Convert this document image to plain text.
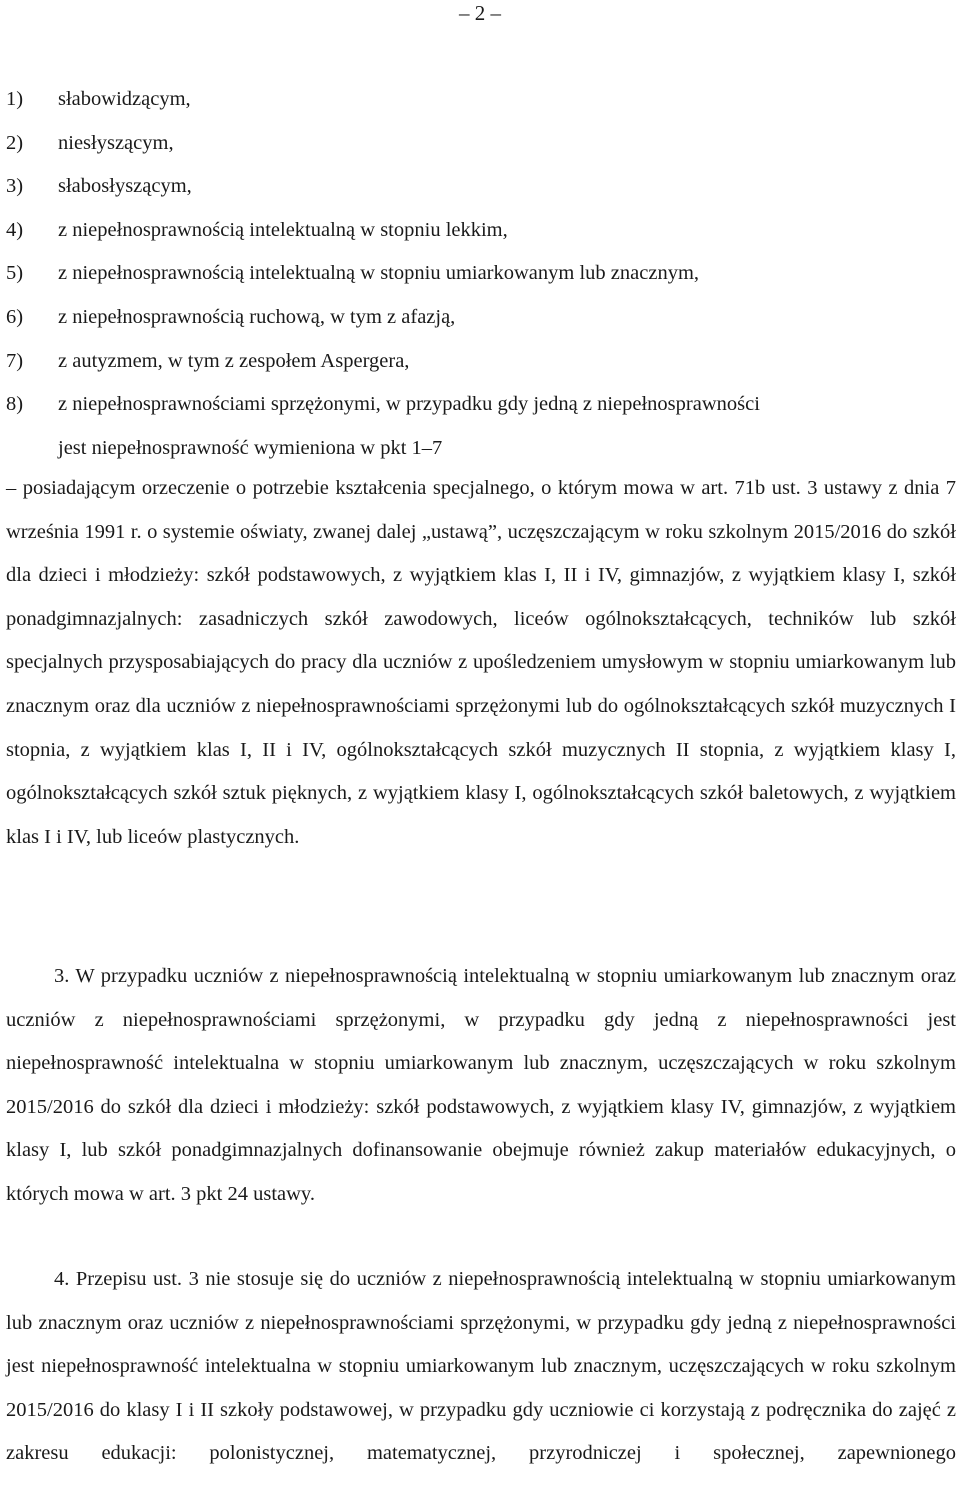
– 2 –
1)	słabowidzącym,
2)	niesłyszącym,
3)	słabosłyszącym,
4)	z niepełnosprawnością intelektualną w stopniu lekkim,
5)	z niepełnosprawnością intelektualną w stopniu umiarkowanym lub znacznym,
6)	z niepełnosprawnością ruchową, w tym z afazją,
7)	z autyzmem, w tym z zespołem Aspergera,
8)	z niepełnosprawnościami sprzężonymi, w przypadku gdy jedną z niepełnosprawności
jest niepełnosprawność wymieniona w pkt 1–7

– posiadającym orzeczenie o potrzebie kształcenia specjalnego, o którym mowa w art. 71b ust. 3 ustawy z dnia 7 września 1991 r. o systemie oświaty, zwanej dalej „ustawą”, uczęszczającym w roku szkolnym 2015/2016 do szkół dla dzieci i młodzieży: szkół podstawowych, z wyjątkiem klas I, II i IV, gimnazjów, z wyjątkiem klasy I, szkół ponadgimnazjalnych: zasadniczych szkół zawodowych, liceów ogólnokształcących, techników lub szkół specjalnych przysposabiających do pracy dla uczniów z upośledzeniem umysłowym w stopniu umiarkowanym lub znacznym oraz dla uczniów z niepełnosprawnościami sprzężonymi lub do ogólnokształcących szkół muzycznych I stopnia, z wyjątkiem klas I, II i IV, ogólnokształcących szkół muzycznych II stopnia, z wyjątkiem klasy I, ogólnokształcących szkół sztuk pięknych, z wyjątkiem klasy I, ogólnokształcących szkół baletowych, z wyjątkiem klas I i IV, lub liceów plastycznych.

3. W przypadku uczniów z niepełnosprawnością intelektualną w stopniu umiarkowanym lub znacznym oraz uczniów z niepełnosprawnościami sprzężonymi, w przypadku gdy jedną z niepełnosprawności jest niepełnosprawność intelektualna w stopniu umiarkowanym lub znacznym, uczęszczających w roku szkolnym 2015/2016 do szkół dla dzieci i młodzieży: szkół podstawowych, z wyjątkiem klasy IV, gimnazjów, z wyjątkiem klasy I, lub szkół ponadgimnazjalnych dofinansowanie obejmuje również zakup materiałów edukacyjnych, o których mowa w art. 3 pkt 24 ustawy.

4. Przepisu ust. 3 nie stosuje się do uczniów z niepełnosprawnością intelektualną w stopniu umiarkowanym lub znacznym oraz uczniów z niepełnosprawnościami sprzężonymi, w przypadku gdy jedną z niepełnosprawności jest niepełnosprawność intelektualna w stopniu umiarkowanym lub znacznym, uczęszczających w roku szkolnym 2015/2016 do klasy I i II szkoły podstawowej, w przypadku gdy uczniowie ci korzystają z podręcznika do zajęć z zakresu edukacji: polonistycznej, matematycznej, przyrodniczej i społecznej, zapewnionego
